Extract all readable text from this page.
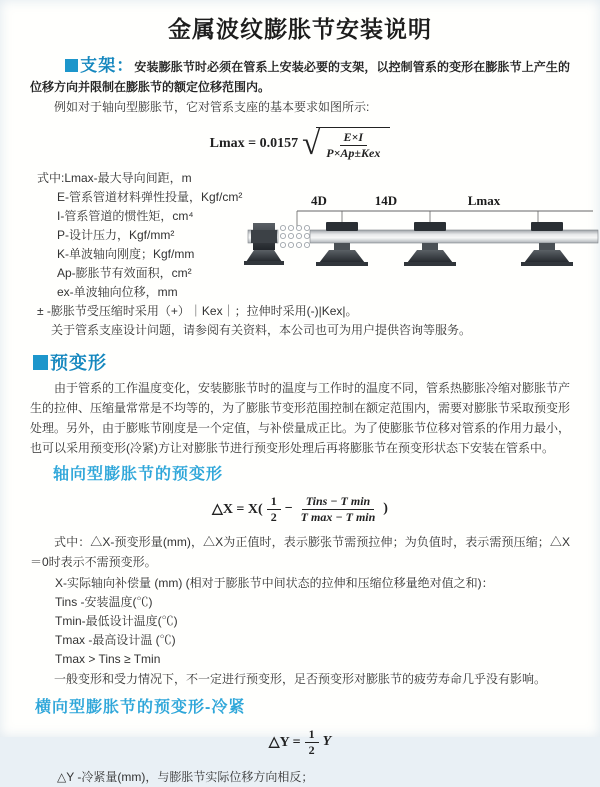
金属波纹膨胀节安装说明

支架：安装膨胀节时必须在管系上安装必要的支架，以控制管系的变形在膨胀节上产生的位移方向并限制在膨胀节的额定位移范围内。

例如对于轴向型膨胀节，它对管系支座的基本要求如图所示:

Lmax = 0.0157 √ $\frac{E\times I}{\text{P×Ap±Kex}}$
式中:Lmax-最大导向间距，m
E-管系管道材料弹性投量，Kgf/cm²
I-管系管道的惯性矩，cm⁴
P-设计压力，Kgf/mm²
K-单波轴向刚度；Kgf/mm
Ap-膨胀节有效面积，cm²
ex-单波轴向位移，mm

± -膨胀节受压缩时采用（+）｜Kex｜；拉伸时采用(-)|Kex|。

关于管系支座设计问题，请参阅有关资料，本公司也可为用户提供咨询等服务。

预变形

由于管系的工作温度变化，安装膨胀节时的温度与工作时的温度不同，管系热膨胀冷缩对膨胀节产生的拉伸、压缩量常常是不均等的，为了膨胀节变形范围控制在额定范围内，需要对膨胀节采取预变形处理。另外，由于膨账节刚度是一个定值，与补偿量成正比。为了使膨胀节位移对管系的作用力最小，也可以采用预变形(冷紧)方让对膨胀节进行预变形处理后再将膨胀节在预变形状态下安装在管系中。

轴向型膨胀节的预变形
△X = $X( \frac{1}{2} - \frac{\text{Tins − T min}}{\text{T max − T min}}$ )

式中：△X-预变形量(mm)，△X为正值时，表示膨张节需预拉伸；为负值时，表示需预压缩；△X＝0时表示不需预变形。

X-实际轴向补偿量 (mm) (相对于膨胀节中间状态的拉伸和压缩位移量绝对值之和)：
Tins -安装温度(℃)
Tmin-最低设计温度(℃)
Tmax -最高设计温 (℃)
Tmax > Tins ≥ Tmin

一般变形和受力情况下，不一定进行预变形，足否预变形对膨胀节的疲劳寿命几乎没有影响。

横向型膨胀节的预变形-冷紧
△Y = $\frac{1}{2}$ Y

△Y -冷紧量(mm)，与膨胀节实际位移方向相反；

4D	14D	Lmax
